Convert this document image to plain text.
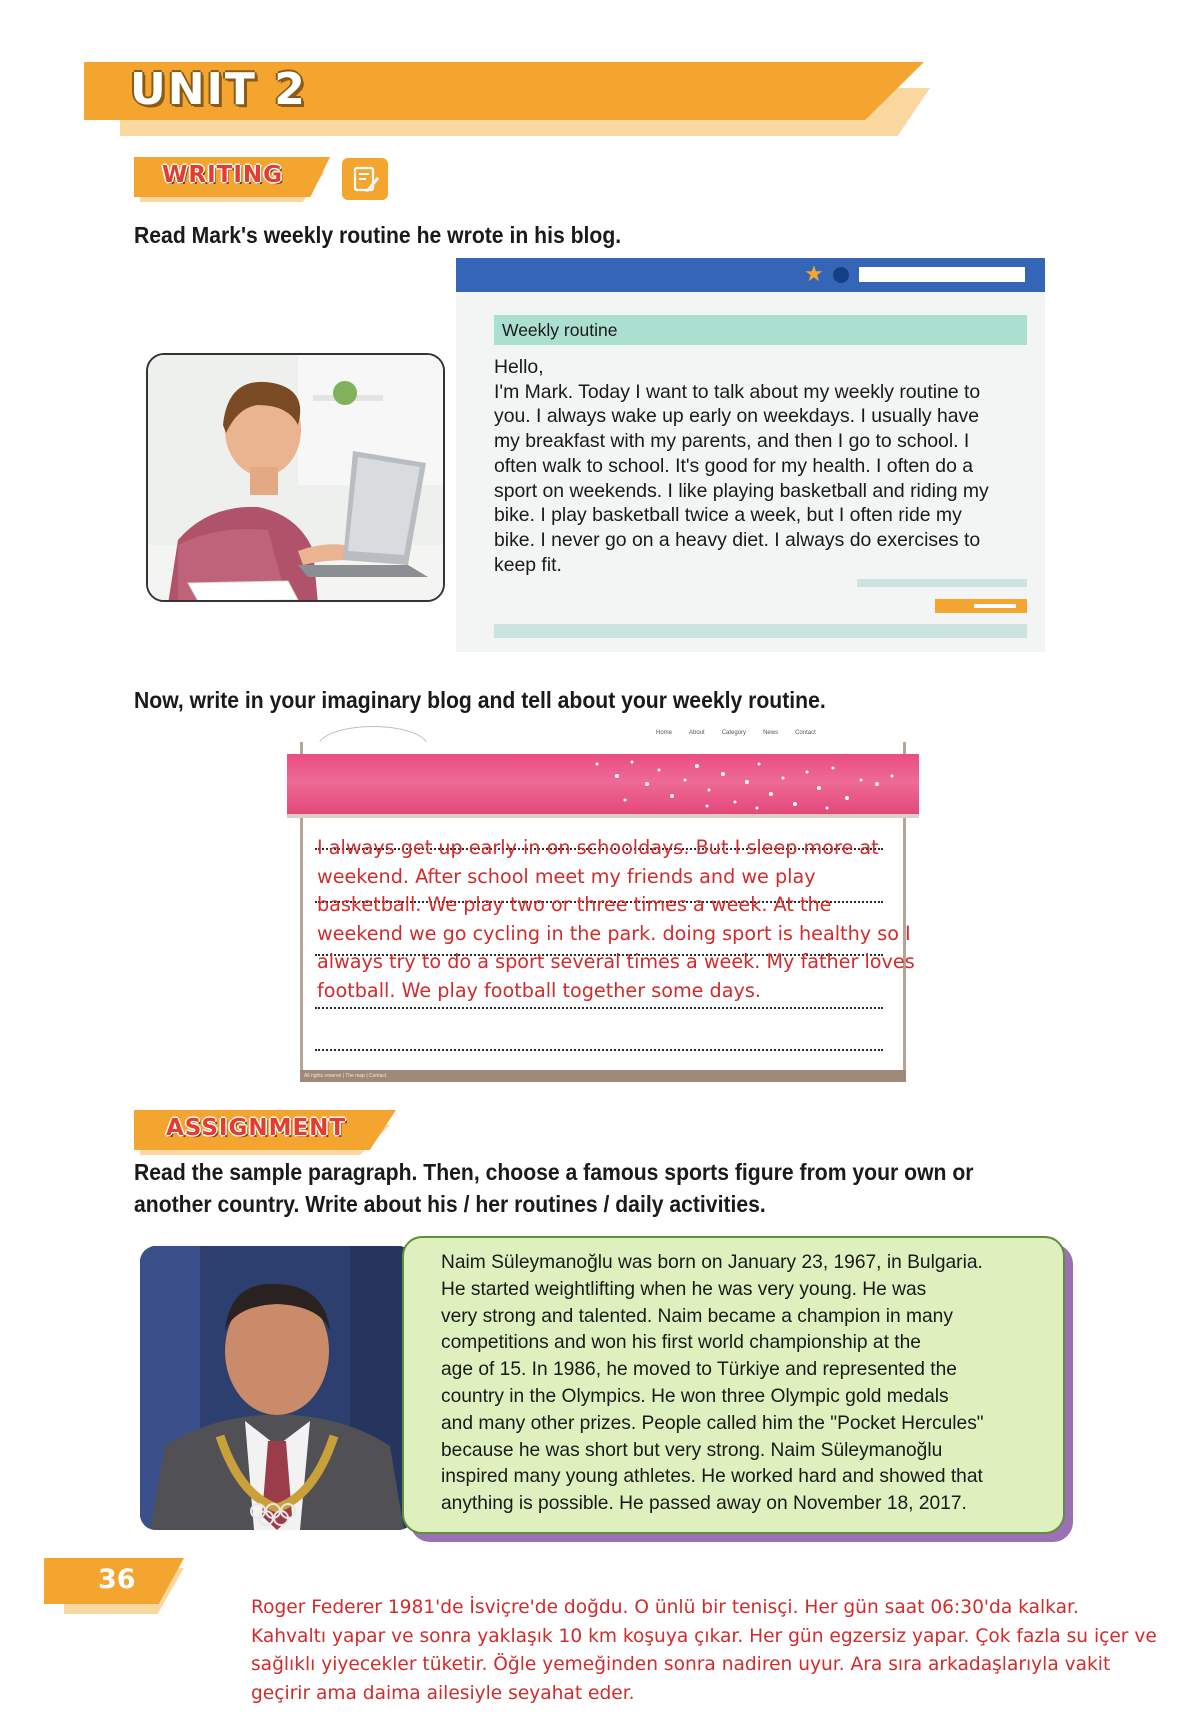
UNIT 2
WRITING
Read Mark's weekly routine he wrote in his blog.
★
Weekly routine

Hello,

I'm Mark. Today I want to talk about my weekly routine to

you. I always wake up early on weekdays. I usually have

my breakfast with my parents, and then I go to school. I

often walk to school. It's good for my health. I often do a

sport on weekends. I like playing basketball and riding my

bike. I play basketball twice a week, but I often ride my

bike. I never go on a heavy diet. I always do exercises to

keep fit.

Now, write in your imaginary blog and tell about your weekly routine.
Home	About	Category	News	Contact

I always get up early in on schooldays. But I sleep more at

weekend. After school meet my friends and we play

basketball. We play two or three times a week. At the

weekend we go cycling in the park. doing sport is healthy so I

always try to do a sport several times a week. My father loves

football. We play football together some days.

All rights reserve | The map | Contact
ASSIGNMENT
Read the sample paragraph. Then, choose a famous sports figure from your own or
another country. Write about his / her routines / daily activities.

Naim Süleymanoğlu was born on January 23, 1967, in Bulgaria.

He started weightlifting when he was very young. He was

very strong and talented. Naim became a champion in many

competitions and won his first world championship at the

age of 15. In 1986, he moved to Türkiye and represented the

country in the Olympics. He won three Olympic gold medals

and many other prizes. People called him the "Pocket Hercules"

because he was short but very strong. Naim Süleymanoğlu

inspired many young athletes. He worked hard and showed that

anything is possible. He passed away on November 18, 2017.

36

Roger Federer 1981'de İsviçre'de doğdu. O ünlü bir tenisçi. Her gün saat 06:30'da kalkar.

Kahvaltı yapar ve sonra yaklaşık 10 km koşuya çıkar. Her gün egzersiz yapar. Çok fazla su içer ve

sağlıklı yiyecekler tüketir. Öğle yemeğinden sonra nadiren uyur. Ara sıra arkadaşlarıyla vakit

geçirir ama daima ailesiyle seyahat eder.
